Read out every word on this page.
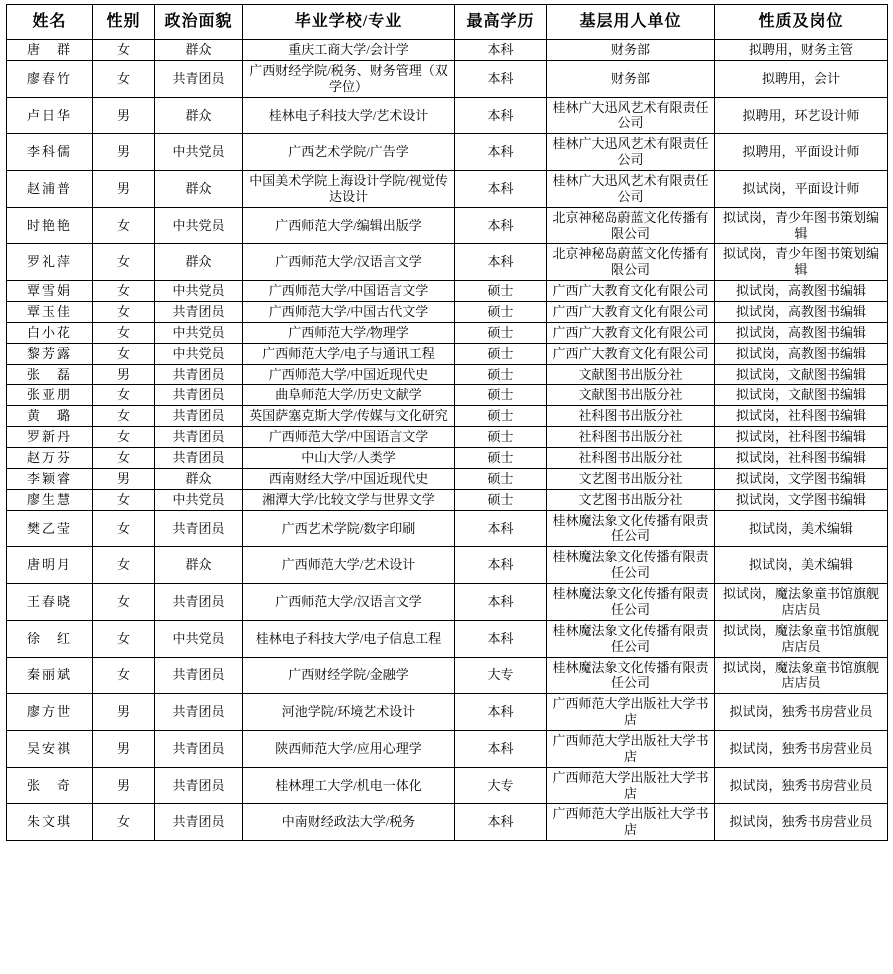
姓名	性别	政治面貌	毕业学校/专业	最高学历	基层用人单位	性质及岗位
唐　群	女	群众	重庆工商大学/会计学	本科	财务部	拟聘用，财务主管
廖春竹	女	共青团员	广西财经学院/税务、财务管理（双学位）	本科	财务部	拟聘用，会计
卢日华	男	群众	桂林电子科技大学/艺术设计	本科	桂林广大迅风艺术有限责任公司	拟聘用，环艺设计师
李科儒	男	中共党员	广西艺术学院/广告学	本科	桂林广大迅风艺术有限责任公司	拟聘用，平面设计师
赵浦普	男	群众	中国美术学院上海设计学院/视觉传达设计	本科	桂林广大迅风艺术有限责任公司	拟试岗，平面设计师
时艳艳	女	中共党员	广西师范大学/编辑出版学	本科	北京神秘岛蔚蓝文化传播有限公司	拟试岗，青少年图书策划编辑
罗礼萍	女	群众	广西师范大学/汉语言文学	本科	北京神秘岛蔚蓝文化传播有限公司	拟试岗，青少年图书策划编辑
覃雪娟	女	中共党员	广西师范大学/中国语言文学	硕士	广西广大教育文化有限公司	拟试岗，高教图书编辑
覃玉佳	女	共青团员	广西师范大学/中国古代文学	硕士	广西广大教育文化有限公司	拟试岗，高教图书编辑
白小花	女	中共党员	广西师范大学/物理学	硕士	广西广大教育文化有限公司	拟试岗，高教图书编辑
黎芳露	女	中共党员	广西师范大学/电子与通讯工程	硕士	广西广大教育文化有限公司	拟试岗，高教图书编辑
张　磊	男	共青团员	广西师范大学/中国近现代史	硕士	文献图书出版分社	拟试岗，文献图书编辑
张亚朋	女	共青团员	曲阜师范大学/历史文献学	硕士	文献图书出版分社	拟试岗，文献图书编辑
黄　璐	女	共青团员	英国萨塞克斯大学/传媒与文化研究	硕士	社科图书出版分社	拟试岗，社科图书编辑
罗新丹	女	共青团员	广西师范大学/中国语言文学	硕士	社科图书出版分社	拟试岗，社科图书编辑
赵万芬	女	共青团员	中山大学/人类学	硕士	社科图书出版分社	拟试岗，社科图书编辑
李颖睿	男	群众	西南财经大学/中国近现代史	硕士	文艺图书出版分社	拟试岗，文学图书编辑
廖生慧	女	中共党员	湘潭大学/比较文学与世界文学	硕士	文艺图书出版分社	拟试岗，文学图书编辑
樊乙莹	女	共青团员	广西艺术学院/数字印刷	本科	桂林魔法象文化传播有限责任公司	拟试岗，美术编辑
唐明月	女	群众	广西师范大学/艺术设计	本科	桂林魔法象文化传播有限责任公司	拟试岗，美术编辑
王春晓	女	共青团员	广西师范大学/汉语言文学	本科	桂林魔法象文化传播有限责任公司	拟试岗，魔法象童书馆旗舰店店员
徐　红	女	中共党员	桂林电子科技大学/电子信息工程	本科	桂林魔法象文化传播有限责任公司	拟试岗，魔法象童书馆旗舰店店员
秦丽斌	女	共青团员	广西财经学院/金融学	大专	桂林魔法象文化传播有限责任公司	拟试岗，魔法象童书馆旗舰店店员
廖方世	男	共青团员	河池学院/环境艺术设计	本科	广西师范大学出版社大学书店	拟试岗，独秀书房营业员
吴安祺	男	共青团员	陕西师范大学/应用心理学	本科	广西师范大学出版社大学书店	拟试岗，独秀书房营业员
张　奇	男	共青团员	桂林理工大学/机电一体化	大专	广西师范大学出版社大学书店	拟试岗，独秀书房营业员
朱文琪	女	共青团员	中南财经政法大学/税务	本科	广西师范大学出版社大学书店	拟试岗，独秀书房营业员
